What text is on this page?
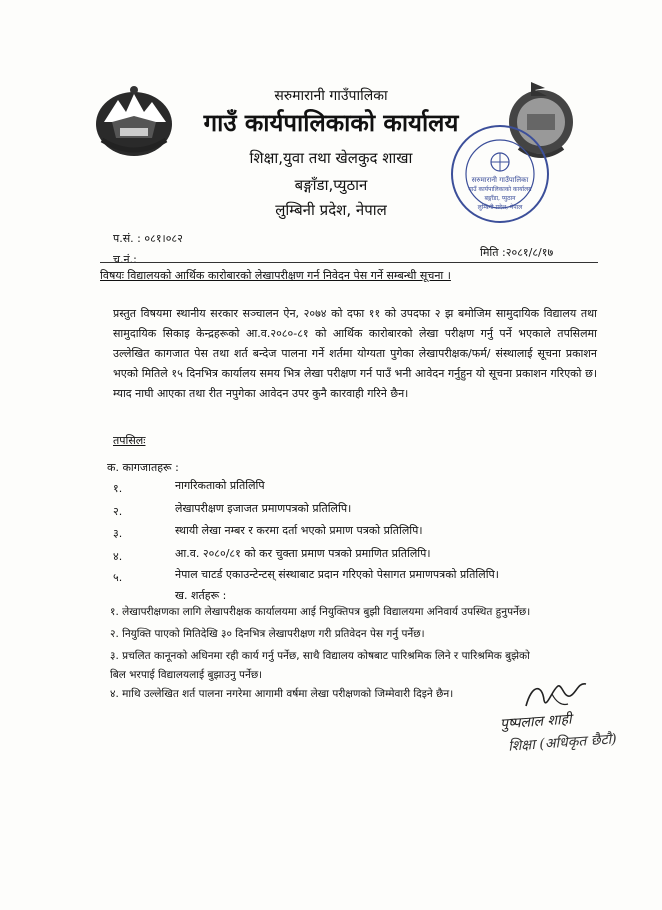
सरुमारानी गाउँपालिका
गाउँ कार्यपालिकाको कार्यालय
शिक्षा,युवा तथा खेलकुद शाखा
बङ्गाँडा,प्युठान
लुम्बिनी प्रदेश, नेपाल
सरुमारानी गाउँपालिका
गाउँ कार्यपालिकाको कार्यालय
बङ्गाँडा, प्युठान
लुम्बिनी प्रदेश, नेपाल
प.सं. : ०८१।०८२
च.नं.:
मिति :२०८१/८/१७
विषयः विद्यालयको आर्थिक कारोबारको लेखापरीक्षण गर्न निवेदन पेस गर्ने सम्बन्धी सूचना ।
प्रस्तुत विषयमा स्थानीय सरकार सञ्चालन ऐन, २०७४ को दफा ११ को उपदफा २ झ बमोजिम सामुदायिक विद्यालय तथा सामुदायिक सिकाइ केन्द्रहरूको आ.व.२०८०-८१ को आर्थिक कारोबारको लेखा परीक्षण गर्नु पर्ने भएकाले तपसिलमा उल्लेखित कागजात पेस तथा शर्त बन्देज पालना गर्ने शर्तमा योग्यता पुगेका लेखापरीक्षक/फर्म/ संस्थालाई सूचना प्रकाशन भएको मितिले १५ दिनभित्र कार्यालय समय भित्र लेखा परीक्षण गर्न पाउँ भनी आवेदन गर्नुहुन यो सूचना प्रकाशन गरिएको छ।म्याद नाघी आएका तथा रीत नपुगेका आवेदन उपर कुनै कारवाही गरिने छैन।
तपसिलः
क. कागजातहरू :
१.	नागरिकताको प्रतिलिपि
२.	लेखापरीक्षण इजाजत प्रमाणपत्रको प्रतिलिपि।
३.	स्थायी लेखा नम्बर र करमा दर्ता भएको प्रमाण पत्रको प्रतिलिपि।
४.	आ.व. २०८०/८१ को कर चुक्ता प्रमाण पत्रको प्रमाणित प्रतिलिपि।
५.	नेपाल चाटर्ड एकाउन्टेन्टस् संस्थाबाट प्रदान गरिएको पेसागत प्रमाणपत्रको प्रतिलिपि।
ख. शर्तहरू :
१. लेखापरीक्षणका लागि लेखापरीक्षक कार्यालयमा आई नियुक्तिपत्र बुझी विद्यालयमा अनिवार्य उपस्थित हुनुपर्नेछ।
२. नियुक्ति पाएको मितिदेखि ३० दिनभित्र लेखापरीक्षण गरी प्रतिवेदन पेस गर्नु पर्नेछ।
३. प्रचलित कानूनको अधिनमा रही कार्य गर्नु पर्नेछ, साथै विद्यालय कोषबाट पारिश्रमिक लिने र पारिश्रमिक बुझेको
बिल भरपाई विद्यालयलाई बुझाउनु पर्नेछ।
४. माथि उल्लेखित शर्त पालना नगरेमा आगामी वर्षमा लेखा परीक्षणको जिम्मेवारी दिइने छैन।
पुष्पलाल शाही
शिक्षा (अधिकृत छैटौ)
